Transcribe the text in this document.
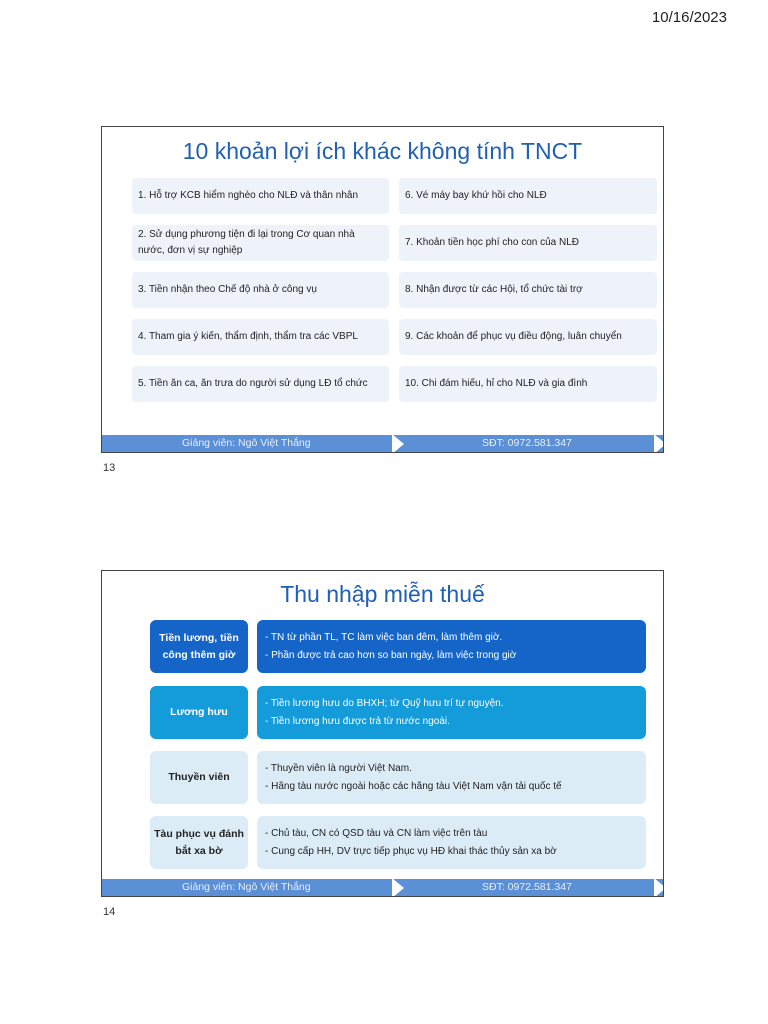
10/16/2023
10 khoản lợi ích khác không tính TNCT
1. Hỗ trợ KCB hiểm nghèo cho NLĐ và thân nhân	6. Vé máy bay khứ hồi cho NLĐ
2. Sử dụng phương tiện đi lại trong Cơ quan nhà nước, đơn vị sự nghiệp
7. Khoản tiền học phí cho con của NLĐ
3. Tiền nhận theo Chế độ nhà ở công vụ	8. Nhận được từ các Hội, tổ chức tài trợ
4. Tham gia ý kiến, thẩm định, thẩm tra các VBPL	9. Các khoản để phục vụ điều động, luân chuyển
5. Tiền ăn ca, ăn trưa do người sử dụng LĐ tổ chức	10. Chi đám hiếu, hỉ cho NLĐ và gia đình
Giảng viên: Ngô Việt Thắng	SĐT: 0972.581.347
13
Thu nhập miễn thuế
Tiền lương, tiền công thêm giờ
- TN từ phần TL, TC làm việc ban đêm, làm thêm giờ.
- Phần được trả cao hơn so ban ngày, làm việc trong giờ
Lương hưu
- Tiền lương hưu do BHXH; từ Quỹ hưu trí tự nguyện.
- Tiền lương hưu được trả từ nước ngoài.
Thuyền viên
- Thuyền viên là người Việt Nam.
- Hãng tàu nước ngoài hoặc các hãng tàu Việt Nam vận tải quốc tế
Tàu phục vụ đánh bắt xa bờ
- Chủ tàu, CN có QSD tàu và CN làm việc trên tàu
- Cung cấp HH, DV trực tiếp phục vụ HĐ khai thác thủy sản xa bờ
Giảng viên: Ngô Việt Thắng	SĐT: 0972.581.347
14
